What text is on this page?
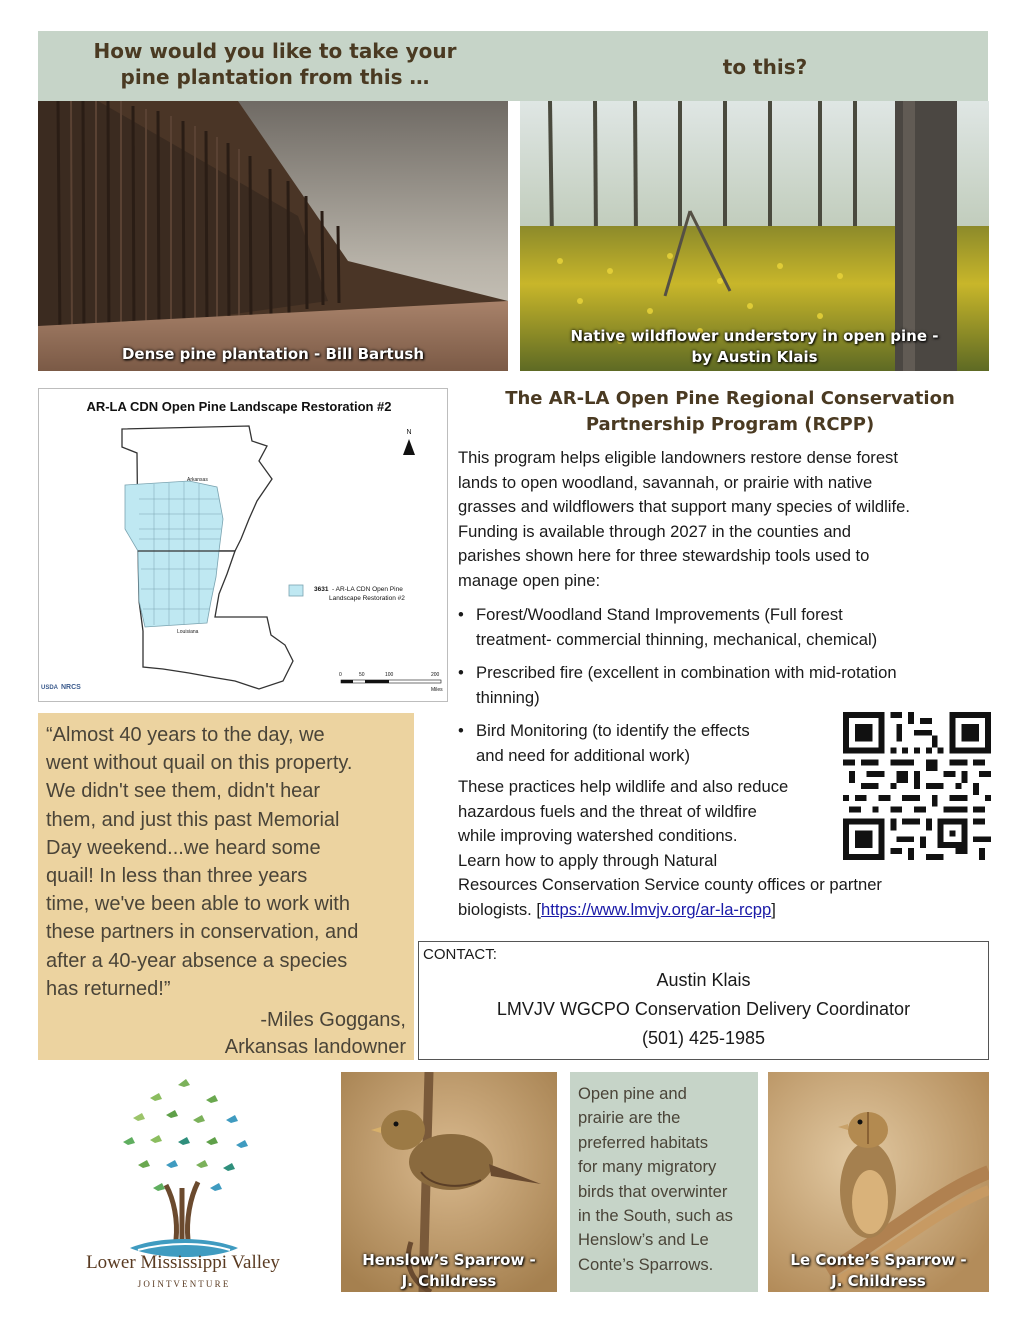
How would you like to take your
pine plantation from this …	to this?
Dense pine plantation - Bill Bartush
Native wildflower understory in open pine -
by Austin Klais
AR-LA CDN Open Pine Landscape Restoration #2
Arkansas
Louisiana
N
3631 - AR-LA CDN Open Pine
Landscape Restoration #2
0	50	100	200
Miles
USDA NRCS
The AR-LA Open Pine Regional Conservation
Partnership Program (RCPP)
This program helps eligible landowners restore dense forest
lands to open woodland, savannah, or prairie with native
grasses and wildflowers that support many species of wildlife.
Funding is available through 2027 in the counties and
parishes shown here for three stewardship tools used to
manage open pine:
• Forest/Woodland Stand Improvements (Full forest
treatment- commercial thinning, mechanical, chemical)
• Prescribed fire (excellent in combination with mid-rotation
thinning)
• Bird Monitoring (to identify the effects
and need for additional work)
These practices help wildlife and also reduce
hazardous fuels and the threat of wildfire
while improving watershed conditions.
Learn how to apply through Natural
Resources Conservation Service county offices or partner
biologists. [https://www.lmvjv.org/ar-la-rcpp]
“Almost 40 years to the day, we
went without quail on this property.
We didn't see them, didn't hear
them, and just this past Memorial
Day weekend...we heard some
quail! In less than three years
time, we've been able to work with
these partners in conservation, and
after a 40-year absence a species
has returned!”
-Miles Goggans,
Arkansas landowner
CONTACT:
Austin Klais
LMVJV WGCPO Conservation Delivery Coordinator
(501) 425-1985
Lower Mississippi Valley
J O I N T V E N T U R E
Henslow’s Sparrow -
J. Childress
Open pine and
prairie are the
preferred habitats
for many migratory
birds that overwinter
in the South, such as
Henslow’s and Le
Conte’s Sparrows.	Le Conte’s Sparrow -
J. Childress
